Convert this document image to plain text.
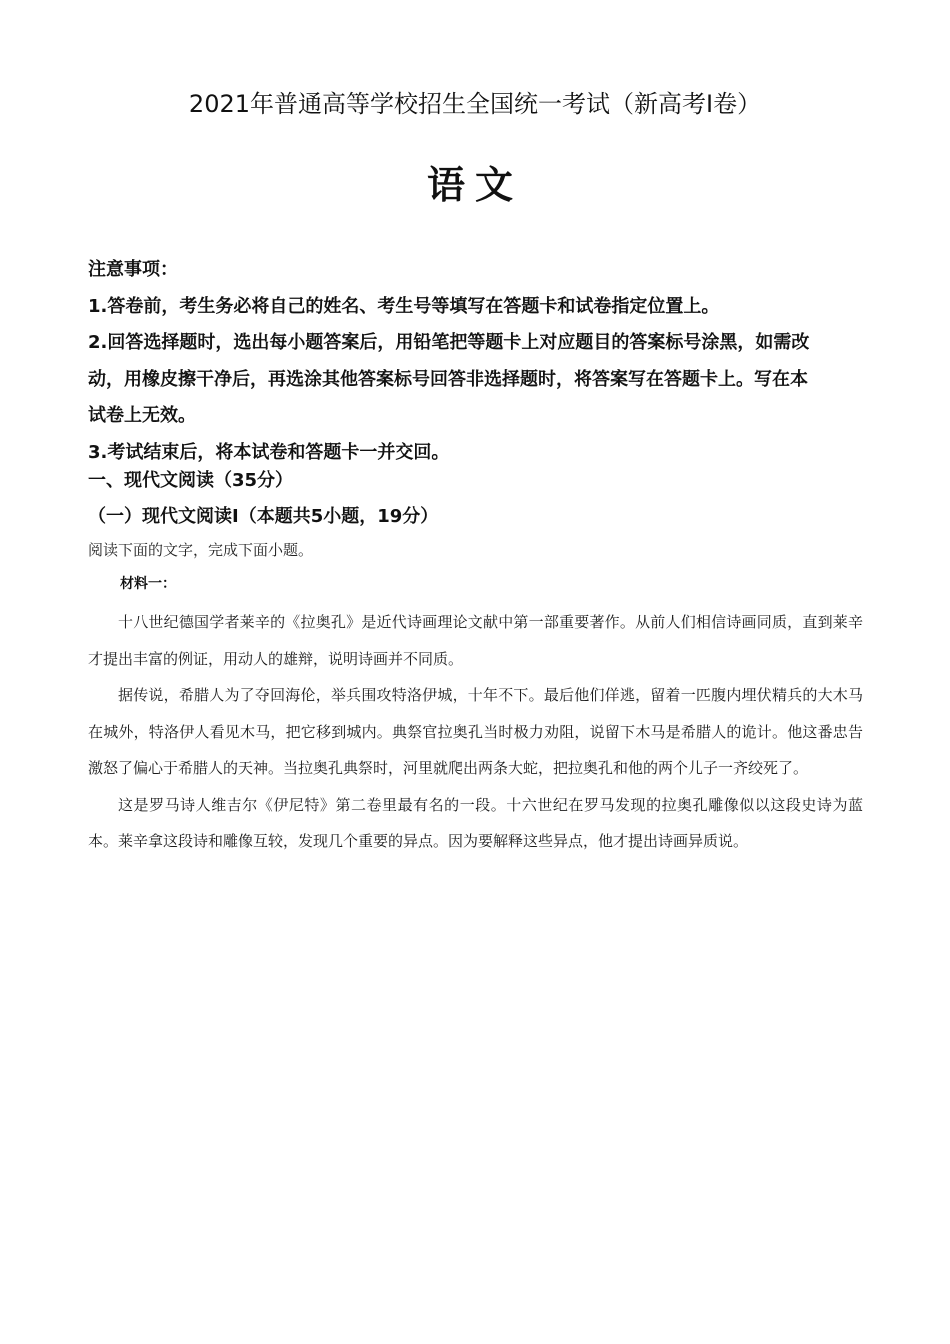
2021年普通高等学校招生全国统一考试（新高考Ⅰ卷）
语文
注意事项：
1.答卷前，考生务必将自己的姓名、考生号等填写在答题卡和试卷指定位置上。
2.回答选择题时，选出每小题答案后，用铅笔把等题卡上对应题目的答案标号涂黑，如需改
动，用橡皮擦干净后，再选涂其他答案标号回答非选择题时，将答案写在答题卡上。写在本
试卷上无效。
3.考试结束后，将本试卷和答题卡一并交回。
一、现代文阅读（35分）
（一）现代文阅读Ⅰ（本题共5小题，19分）
阅读下面的文字，完成下面小题。
材料一：

十八世纪德国学者莱辛的《拉奥孔》是近代诗画理论文献中第一部重要著作。从前人们相信诗画同质，直到莱辛才提出丰富的例证，用动人的雄辩，说明诗画并不同质。

据传说，希腊人为了夺回海伦，举兵围攻特洛伊城，十年不下。最后他们佯逃，留着一匹腹内埋伏精兵的大木马在城外，特洛伊人看见木马，把它移到城内。典祭官拉奥孔当时极力劝阻，说留下木马是希腊人的诡计。他这番忠告激怒了偏心于希腊人的天神。当拉奥孔典祭时，河里就爬出两条大蛇，把拉奥孔和他的两个儿子一齐绞死了。

这是罗马诗人维吉尔《伊尼特》第二卷里最有名的一段。十六世纪在罗马发现的拉奥孔雕像似以这段史诗为蓝本。莱辛拿这段诗和雕像互较，发现几个重要的异点。因为要解释这些异点，他才提出诗画异质说。
